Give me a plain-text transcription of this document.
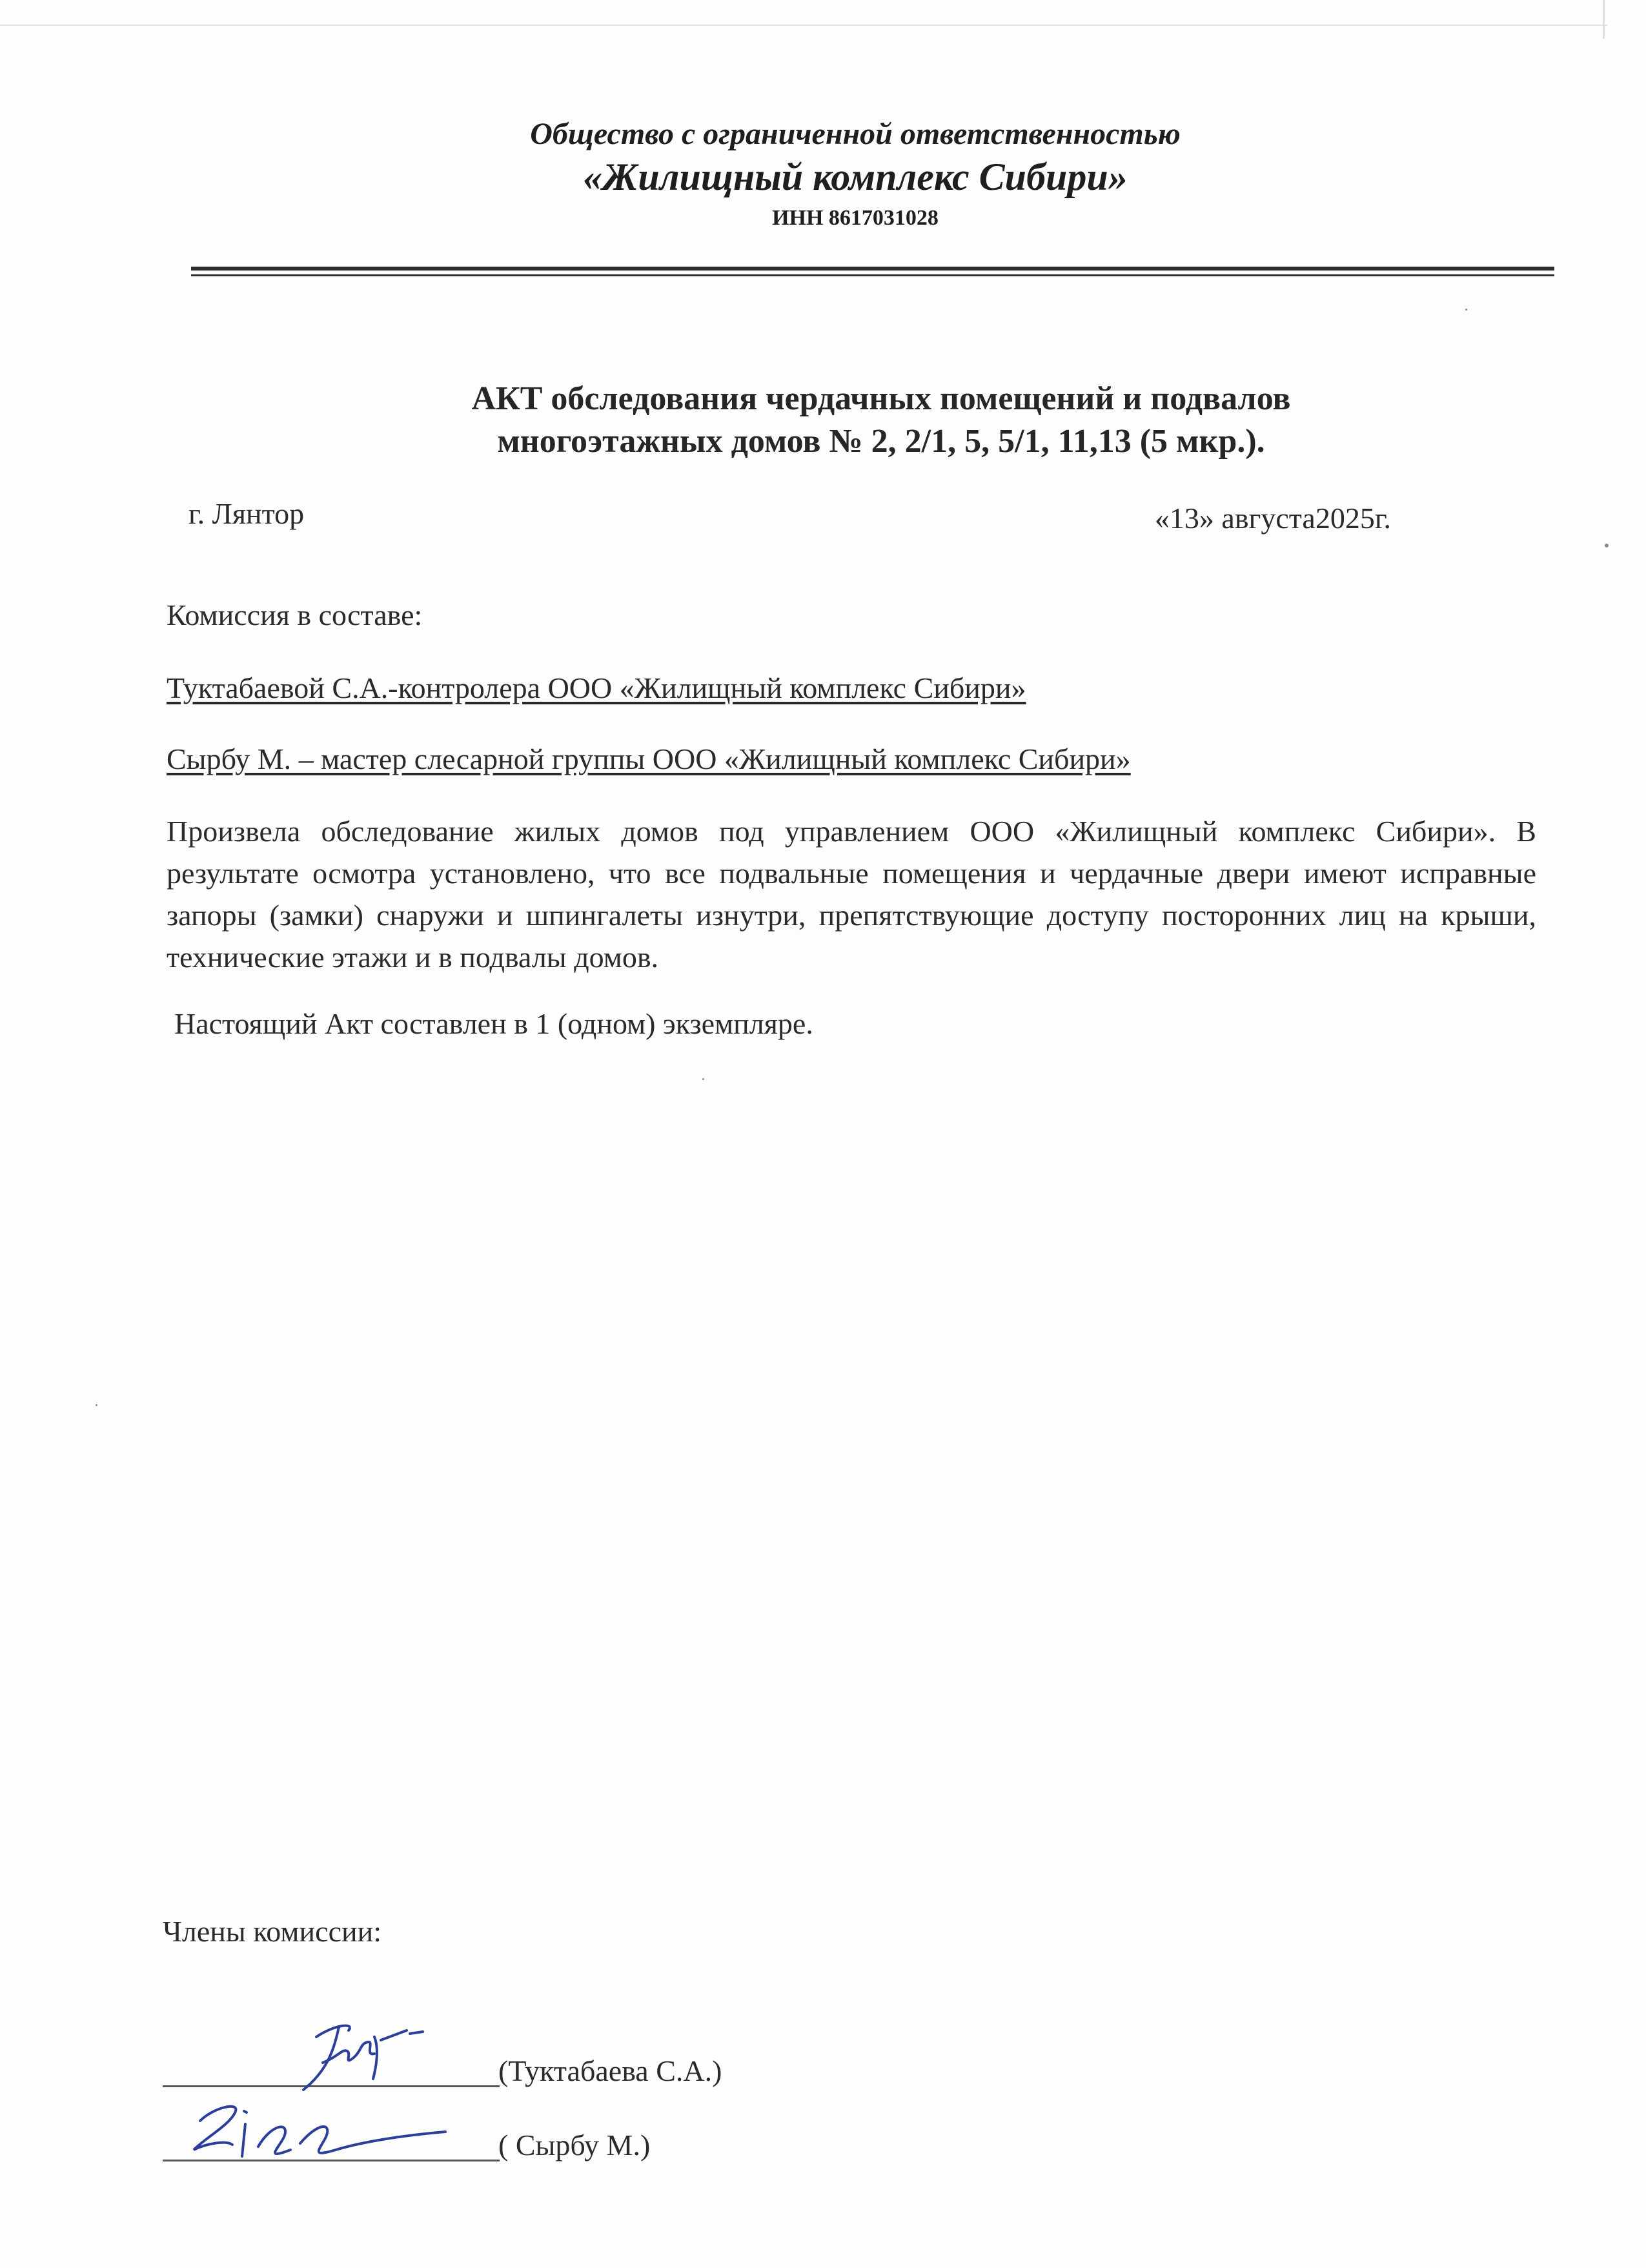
Общество с ограниченной ответственностью
«Жилищный комплекс Сибири»
ИНН 8617031028
АКТ обследования чердачных помещений и подвалов
многоэтажных домов № 2, 2/1, 5, 5/1, 11,13 (5 мкр.).
г. Лянтор	«13» августа2025г.
Комиссия в составе:
Туктабаевой С.А.-контролера ООО «Жилищный комплекс Сибири»
Сырбу М. – мастер слесарной группы ООО «Жилищный комплекс Сибири»
Произвела обследование жилых домов под управлением ООО «Жилищный комплекс Сибири». В результате осмотра установлено, что все подвальные помещения и чердачные двери имеют исправные запоры (замки) снаружи и шпингалеты изнутри, препятствующие доступу посторонних лиц на крыши, технические этажи и в подвалы домов.
Настоящий Акт составлен в 1 (одном) экземпляре.
Члены комиссии:
(Туктабаева С.А.)
( Сырбу М.)
